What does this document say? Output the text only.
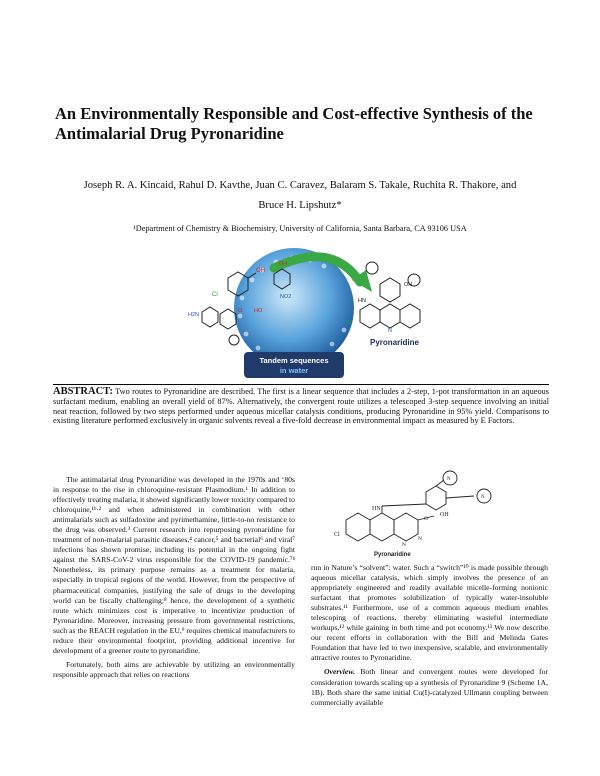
An Environmentally Responsible and Cost-effective Synthesis of the Antimalarial Drug Pyronaridine
Joseph R. A. Kincaid, Rahul D. Kavthe, Juan C. Caravez, Balaram S. Takale, Ruchita R. Thakore, and
Bruce H. Lipshutz*
¹Department of Chemistry & Biochemistry, University of California, Santa Barbara, CA 93106 USA
Cl
OH
OH
NO2
H2N
O HO
HN
OH
Cl
N
Pyronaridine
Tandem sequences
in water
ABSTRACT: Two routes to Pyronaridine are described. The first is a linear sequence that includes a 2-step, 1-pot transformation in an aqueous surfactant medium, enabling an overall yield of 87%. Alternatively, the convergent route utilizes a telescoped 3-step sequence involving an initial neat reaction, followed by two steps performed under aqueous micellar catalysis conditions, producing Pyronaridine in 95% yield. Comparisons to existing literature performed exclusively in organic solvents reveal a five-fold decrease in environmental impact as measured by E Factors.

The antimalarial drug Pyronaridine was developed in the 1970s and ‘80s in response to the rise in chloroquine-resistant Plasmodium.¹ In addition to effectively treating malaria, it showed significantly lower toxicity compared to chloroquine,¹ᵇ·² and when administered in combination with other antimalarials such as sulfadoxine and pyrimethamine, little-to-no resistance to the drug was observed.³ Current research into repurposing pyronaridine for treatment of non-malarial parasitic diseases,⁴ cancer,⁵ and bacterial⁶ and viral⁷ infections has shown promise, including its potential in the ongoing fight against the SARS-CoV-2 virus responsible for the COVID-19 pandemic.⁷ᵇ Nonetheless, its primary purpose remains as a treatment for malaria, especially in tropical regions of the world. However, from the perspective of pharmaceutical companies, justifying the sale of drugs to the developing world can be fiscally challenging;⁸ hence, the development of a synthetic route which minimizes cost is imperative to incentivize production of Pyronaridine. Moreover, increasing pressure from governmental restrictions, such as the REACH regulation in the EU,⁹ requires chemical manufacturers to reduce their environmental footprint, providing additional incentive for development of a greener route to pyronaridine.

Fortunately, both aims are achievable by utilizing an environmentally responsible approach that relies on reactions

OH
HN
N
N
N
N
O
Cl
Pyronaridine

run in Nature’s “solvent”: water. Such a “switch”¹⁰ is made possible through aqueous micellar catalysis, which simply involves the presence of an appropriately engineered and readily available micelle-forming nonionic surfactant that promotes solubilization of typically water-insoluble substrates.¹¹ Furthermore, use of a common aqueous medium enables telescoping of reactions, thereby eliminating wasteful intermediate workups,¹² while gaining in both time and pot economy.¹³ We now describe our recent efforts in collaboration with the Bill and Melinda Gates Foundation that have led to two inexpensive, scalable, and environmentally attractive routes to Pyronaridine.

Overview. Both linear and convergent routes were developed for consideration towards scaling up a synthesis of Pyronaridine 9 (Scheme 1A, 1B). Both share the same initial Cu(I)-catalyzed Ullmann coupling between commercially available
